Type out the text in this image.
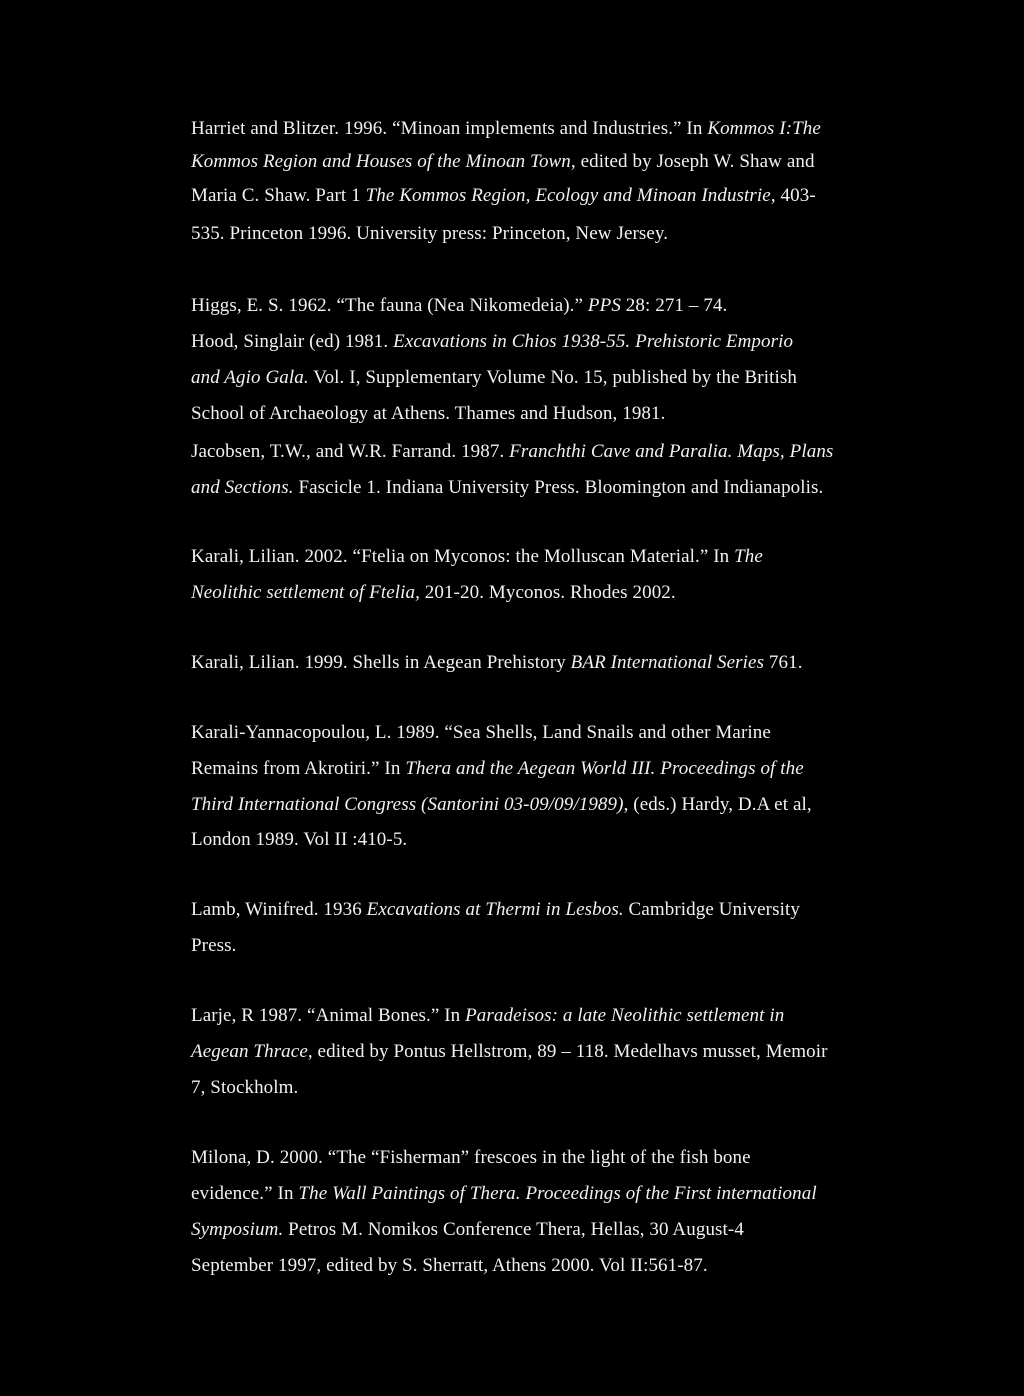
Harriet and Blitzer. 1996. “Minoan implements and Industries.” In Kommos I:The
Kommos Region and Houses of the Minoan Town, edited by Joseph W. Shaw and
Maria C. Shaw. Part 1 The Kommos Region, Ecology and Minoan Industrie, 403-
535. Princeton 1996. University press: Princeton, New Jersey.
Higgs, E. S. 1962. “The fauna (Nea Nikomedeia).” PPS 28: 271 – 74.
Hood, Singlair (ed) 1981. Excavations in Chios 1938-55. Prehistoric Emporio
and Agio Gala. Vol. I, Supplementary Volume No. 15, published by the British
School of Archaeology at Athens. Thames and Hudson, 1981.
Jacobsen, T.W., and W.R. Farrand. 1987. Franchthi Cave and Paralia. Maps, Plans
and Sections. Fascicle 1. Indiana University Press. Bloomington and Indianapolis.
Karali, Lilian. 2002. “Ftelia on Myconos: the Molluscan Material.” In The
Neolithic settlement of Ftelia, 201-20. Myconos. Rhodes 2002.
Karali, Lilian. 1999. Shells in Aegean Prehistory BAR International Series 761.
Karali-Yannacopoulou, L. 1989. “Sea Shells, Land Snails and other Marine
Remains from Akrotiri.” In Thera and the Aegean World III. Proceedings of the
Third International Congress (Santorini 03-09/09/1989), (eds.) Hardy, D.A et al,
London 1989. Vol II :410-5.
Lamb, Winifred. 1936 Excavations at Thermi in Lesbos. Cambridge University
Press.
Larje, R 1987. “Animal Bones.” In Paradeisos: a late Neolithic settlement in
Aegean Thrace, edited by Pontus Hellstrom, 89 – 118. Medelhavs musset, Memoir
7, Stockholm.
Milona, D. 2000. “The “Fisherman” frescoes in the light of the fish bone
evidence.” In The Wall Paintings of Thera. Proceedings of the First international
Symposium. Petros M. Nomikos Conference Thera, Hellas, 30 August-4
September 1997, edited by S. Sherratt, Athens 2000. Vol II:561-87.
